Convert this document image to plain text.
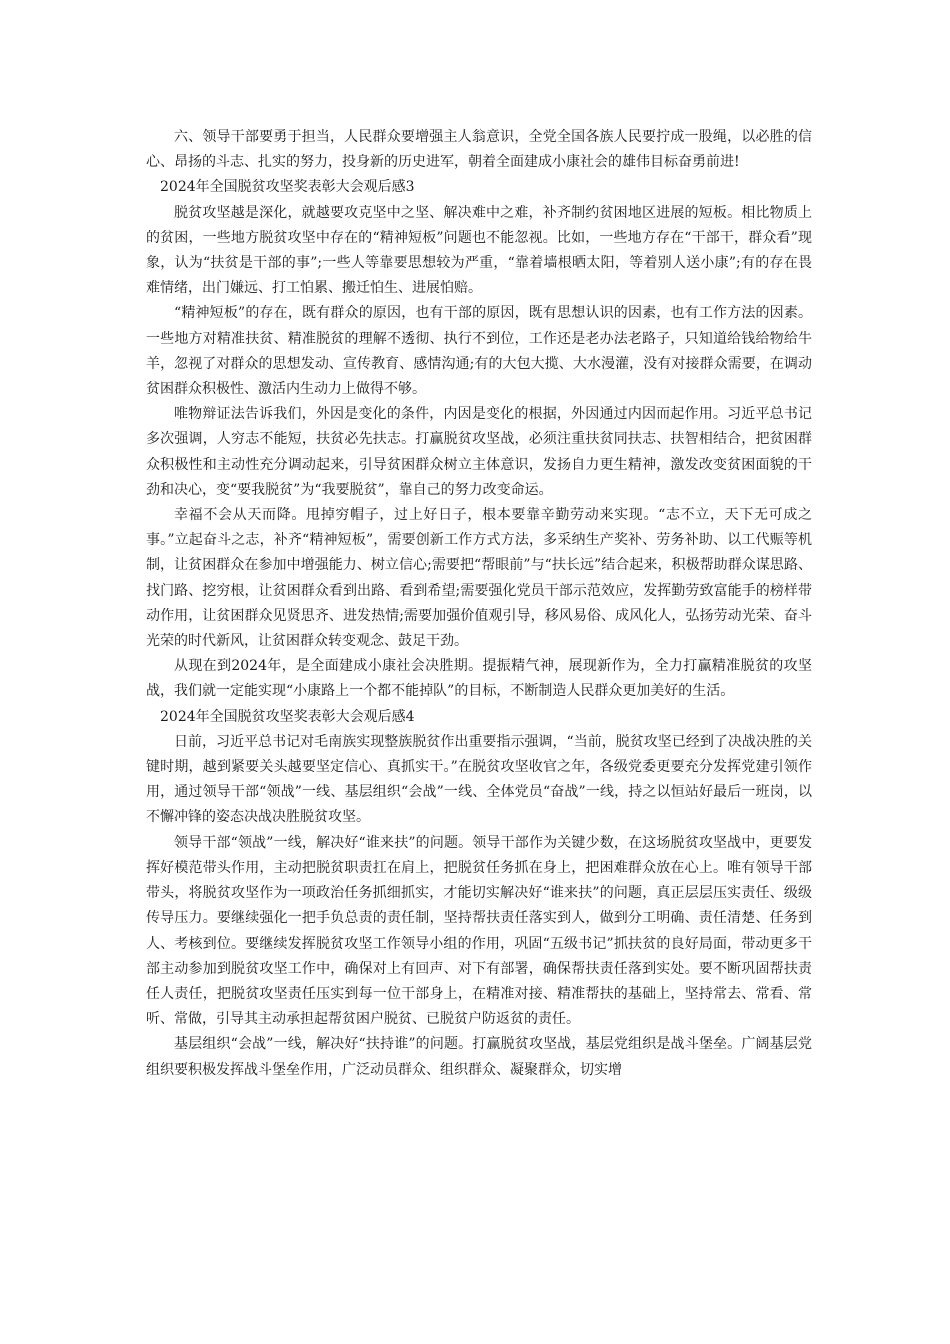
六、领导干部要勇于担当，人民群众要增强主人翁意识，全党全国各族人民要拧成一股绳，以必胜的信心、昂扬的斗志、扎实的努力，投身新的历史进军，朝着全面建成小康社会的雄伟目标奋勇前进!

2024年全国脱贫攻坚奖表彰大会观后感3

脱贫攻坚越是深化，就越要攻克坚中之坚、解决难中之难，补齐制约贫困地区进展的短板。相比物质上的贫困，一些地方脱贫攻坚中存在的“精神短板”问题也不能忽视。比如，一些地方存在“干部干，群众看”现象，认为“扶贫是干部的事”;一些人等靠要思想较为严重，“靠着墙根晒太阳，等着别人送小康”;有的存在畏难情绪，出门嫌远、打工怕累、搬迁怕生、进展怕赔。

“精神短板”的存在，既有群众的原因，也有干部的原因，既有思想认识的因素，也有工作方法的因素。一些地方对精准扶贫、精准脱贫的理解不透彻、执行不到位，工作还是老办法老路子，只知道给钱给物给牛羊，忽视了对群众的思想发动、宣传教育、感情沟通;有的大包大揽、大水漫灌，没有对接群众需要，在调动贫困群众积极性、激活内生动力上做得不够。

唯物辩证法告诉我们，外因是变化的条件，内因是变化的根据，外因通过内因而起作用。习近平总书记多次强调，人穷志不能短，扶贫必先扶志。打赢脱贫攻坚战，必须注重扶贫同扶志、扶智相结合，把贫困群众积极性和主动性充分调动起来，引导贫困群众树立主体意识，发扬自力更生精神，激发改变贫困面貌的干劲和决心，变“要我脱贫”为“我要脱贫”，靠自己的努力改变命运。

幸福不会从天而降。甩掉穷帽子，过上好日子，根本要靠辛勤劳动来实现。“志不立，天下无可成之事。”立起奋斗之志，补齐“精神短板”，需要创新工作方式方法，多采纳生产奖补、劳务补助、以工代赈等机制，让贫困群众在参加中增强能力、树立信心;需要把“帮眼前”与“扶长远”结合起来，积极帮助群众谋思路、找门路、挖穷根，让贫困群众看到出路、看到希望;需要强化党员干部示范效应，发挥勤劳致富能手的榜样带动作用，让贫困群众见贤思齐、进发热情;需要加强价值观引导，移风易俗、成风化人，弘扬劳动光荣、奋斗光荣的时代新风，让贫困群众转变观念、鼓足干劲。

从现在到2024年，是全面建成小康社会决胜期。提振精气神，展现新作为，全力打赢精准脱贫的攻坚战，我们就一定能实现“小康路上一个都不能掉队”的目标，不断制造人民群众更加美好的生活。

2024年全国脱贫攻坚奖表彰大会观后感4

日前，习近平总书记对毛南族实现整族脱贫作出重要指示强调，“当前，脱贫攻坚已经到了决战决胜的关键时期，越到紧要关头越要坚定信心、真抓实干。”在脱贫攻坚收官之年，各级党委更要充分发挥党建引领作用，通过领导干部“领战”一线、基层组织“会战”一线、全体党员“奋战”一线，持之以恒站好最后一班岗，以不懈冲锋的姿态决战决胜脱贫攻坚。

领导干部“领战”一线，解决好“谁来扶”的问题。领导干部作为关键少数，在这场脱贫攻坚战中，更要发挥好模范带头作用，主动把脱贫职责扛在肩上，把脱贫任务抓在身上，把困难群众放在心上。唯有领导干部带头，将脱贫攻坚作为一项政治任务抓细抓实，才能切实解决好“谁来扶”的问题，真正层层压实责任、级级传导压力。要继续强化一把手负总责的责任制，坚持帮扶责任落实到人，做到分工明确、责任清楚、任务到人、考核到位。要继续发挥脱贫攻坚工作领导小组的作用，巩固“五级书记”抓扶贫的良好局面，带动更多干部主动参加到脱贫攻坚工作中，确保对上有回声、对下有部署，确保帮扶责任落到实处。要不断巩固帮扶责任人责任，把脱贫攻坚责任压实到每一位干部身上，在精准对接、精准帮扶的基础上，坚持常去、常看、常听、常做，引导其主动承担起帮贫困户脱贫、已脱贫户防返贫的责任。

基层组织“会战”一线，解决好“扶持谁”的问题。打赢脱贫攻坚战，基层党组织是战斗堡垒。广阔基层党组织要积极发挥战斗堡垒作用，广泛动员群众、组织群众、凝聚群众，切实增
